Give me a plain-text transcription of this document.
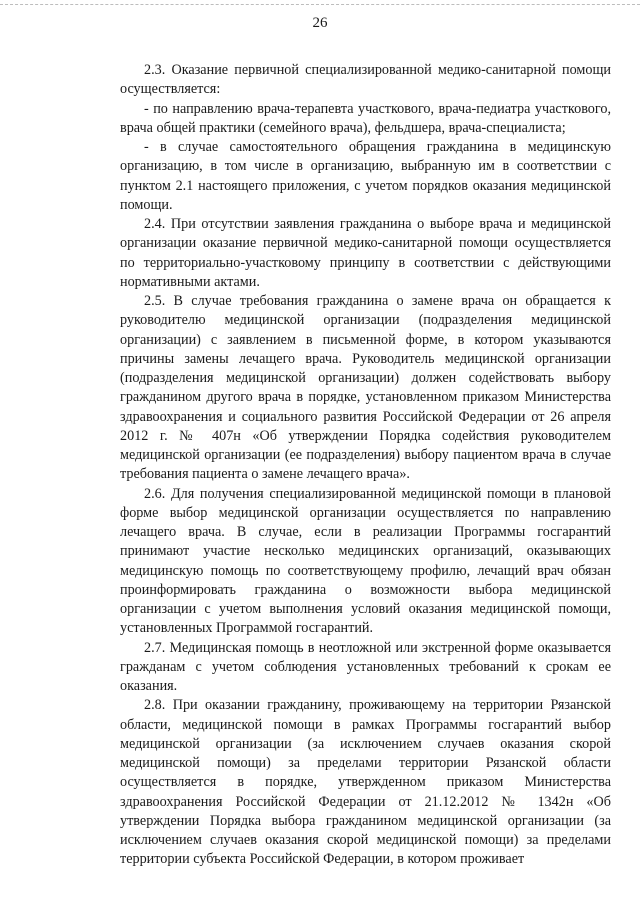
26

2.3. Оказание первичной специализированной медико-санитарной помощи осуществляется:

- по направлению врача-терапевта участкового, врача-педиатра участкового, врача общей практики (семейного врача), фельдшера, врача-специалиста;

- в случае самостоятельного обращения гражданина в медицинскую организацию, в том числе в организацию, выбранную им в соответствии с пунктом 2.1 настоящего приложения, с учетом порядков оказания медицинской помощи.

2.4. При отсутствии заявления гражданина о выборе врача и медицинской организации оказание первичной медико-санитарной помощи осуществляется по территориально-участковому принципу в соответствии с действующими нормативными актами.

2.5. В случае требования гражданина о замене врача он обращается к руководителю медицинской организации (подразделения медицинской организации) с заявлением в письменной форме, в котором указываются причины замены лечащего врача. Руководитель медицинской организации (подразделения медицинской организации) должен содействовать выбору гражданином другого врача в порядке, установленном приказом Министерства здравоохранения и социального развития Российской Федерации от 26 апреля 2012 г. № 407н «Об утверждении Порядка содействия руководителем медицинской организации (ее подразделения) выбору пациентом врача в случае требования пациента о замене лечащего врача».

2.6. Для получения специализированной медицинской помощи в плановой форме выбор медицинской организации осуществляется по направлению лечащего врача. В случае, если в реализации Программы госгарантий принимают участие несколько медицинских организаций, оказывающих медицинскую помощь по соответствующему профилю, лечащий врач обязан проинформировать гражданина о возможности выбора медицинской организации с учетом выполнения условий оказания медицинской помощи, установленных Программой госгарантий.

2.7. Медицинская помощь в неотложной или экстренной форме оказывается гражданам с учетом соблюдения установленных требований к срокам ее оказания.

2.8. При оказании гражданину, проживающему на территории Рязанской области, медицинской помощи в рамках Программы госгарантий выбор медицинской организации (за исключением случаев оказания скорой медицинской помощи) за пределами территории Рязанской области осуществляется в порядке, утвержденном приказом Министерства здравоохранения Российской Федерации от 21.12.2012 № 1342н «Об утверждении Порядка выбора гражданином медицинской организации (за исключением случаев оказания скорой медицинской помощи) за пределами территории субъекта Российской Федерации, в котором проживает
